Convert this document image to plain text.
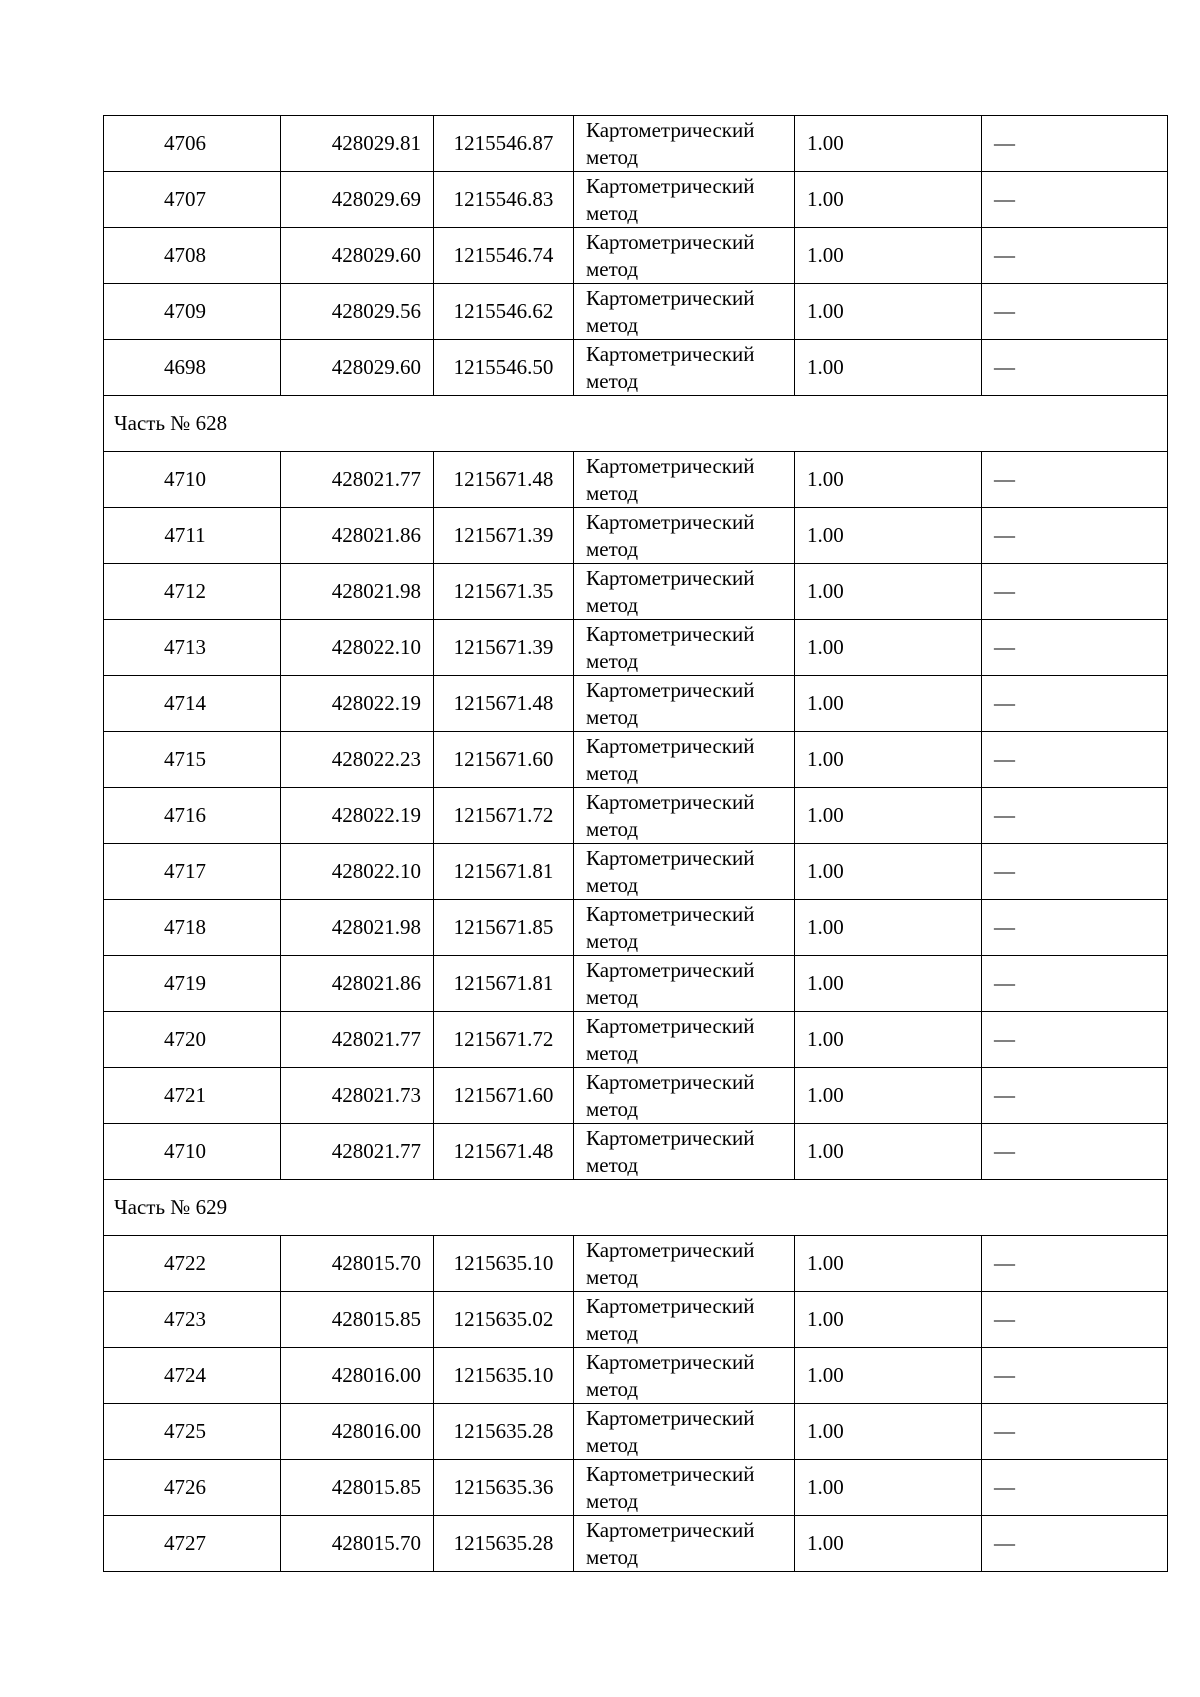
4706	428029.81	1215546.87	Картометрический
метод	1.00	—
4707	428029.69	1215546.83	Картометрический
метод	1.00	—
4708	428029.60	1215546.74	Картометрический
метод	1.00	—
4709	428029.56	1215546.62	Картометрический
метод	1.00	—
4698	428029.60	1215546.50	Картометрический
метод	1.00	—
Часть № 628					
4710	428021.77	1215671.48	Картометрический
метод	1.00	—
4711	428021.86	1215671.39	Картометрический
метод	1.00	—
4712	428021.98	1215671.35	Картометрический
метод	1.00	—
4713	428022.10	1215671.39	Картометрический
метод	1.00	—
4714	428022.19	1215671.48	Картометрический
метод	1.00	—
4715	428022.23	1215671.60	Картометрический
метод	1.00	—
4716	428022.19	1215671.72	Картометрический
метод	1.00	—
4717	428022.10	1215671.81	Картометрический
метод	1.00	—
4718	428021.98	1215671.85	Картометрический
метод	1.00	—
4719	428021.86	1215671.81	Картометрический
метод	1.00	—
4720	428021.77	1215671.72	Картометрический
метод	1.00	—
4721	428021.73	1215671.60	Картометрический
метод	1.00	—
4710	428021.77	1215671.48	Картометрический
метод	1.00	—
Часть № 629					
4722	428015.70	1215635.10	Картометрический
метод	1.00	—
4723	428015.85	1215635.02	Картометрический
метод	1.00	—
4724	428016.00	1215635.10	Картометрический
метод	1.00	—
4725	428016.00	1215635.28	Картометрический
метод	1.00	—
4726	428015.85	1215635.36	Картометрический
метод	1.00	—
4727	428015.70	1215635.28	Картометрический
метод	1.00	—
